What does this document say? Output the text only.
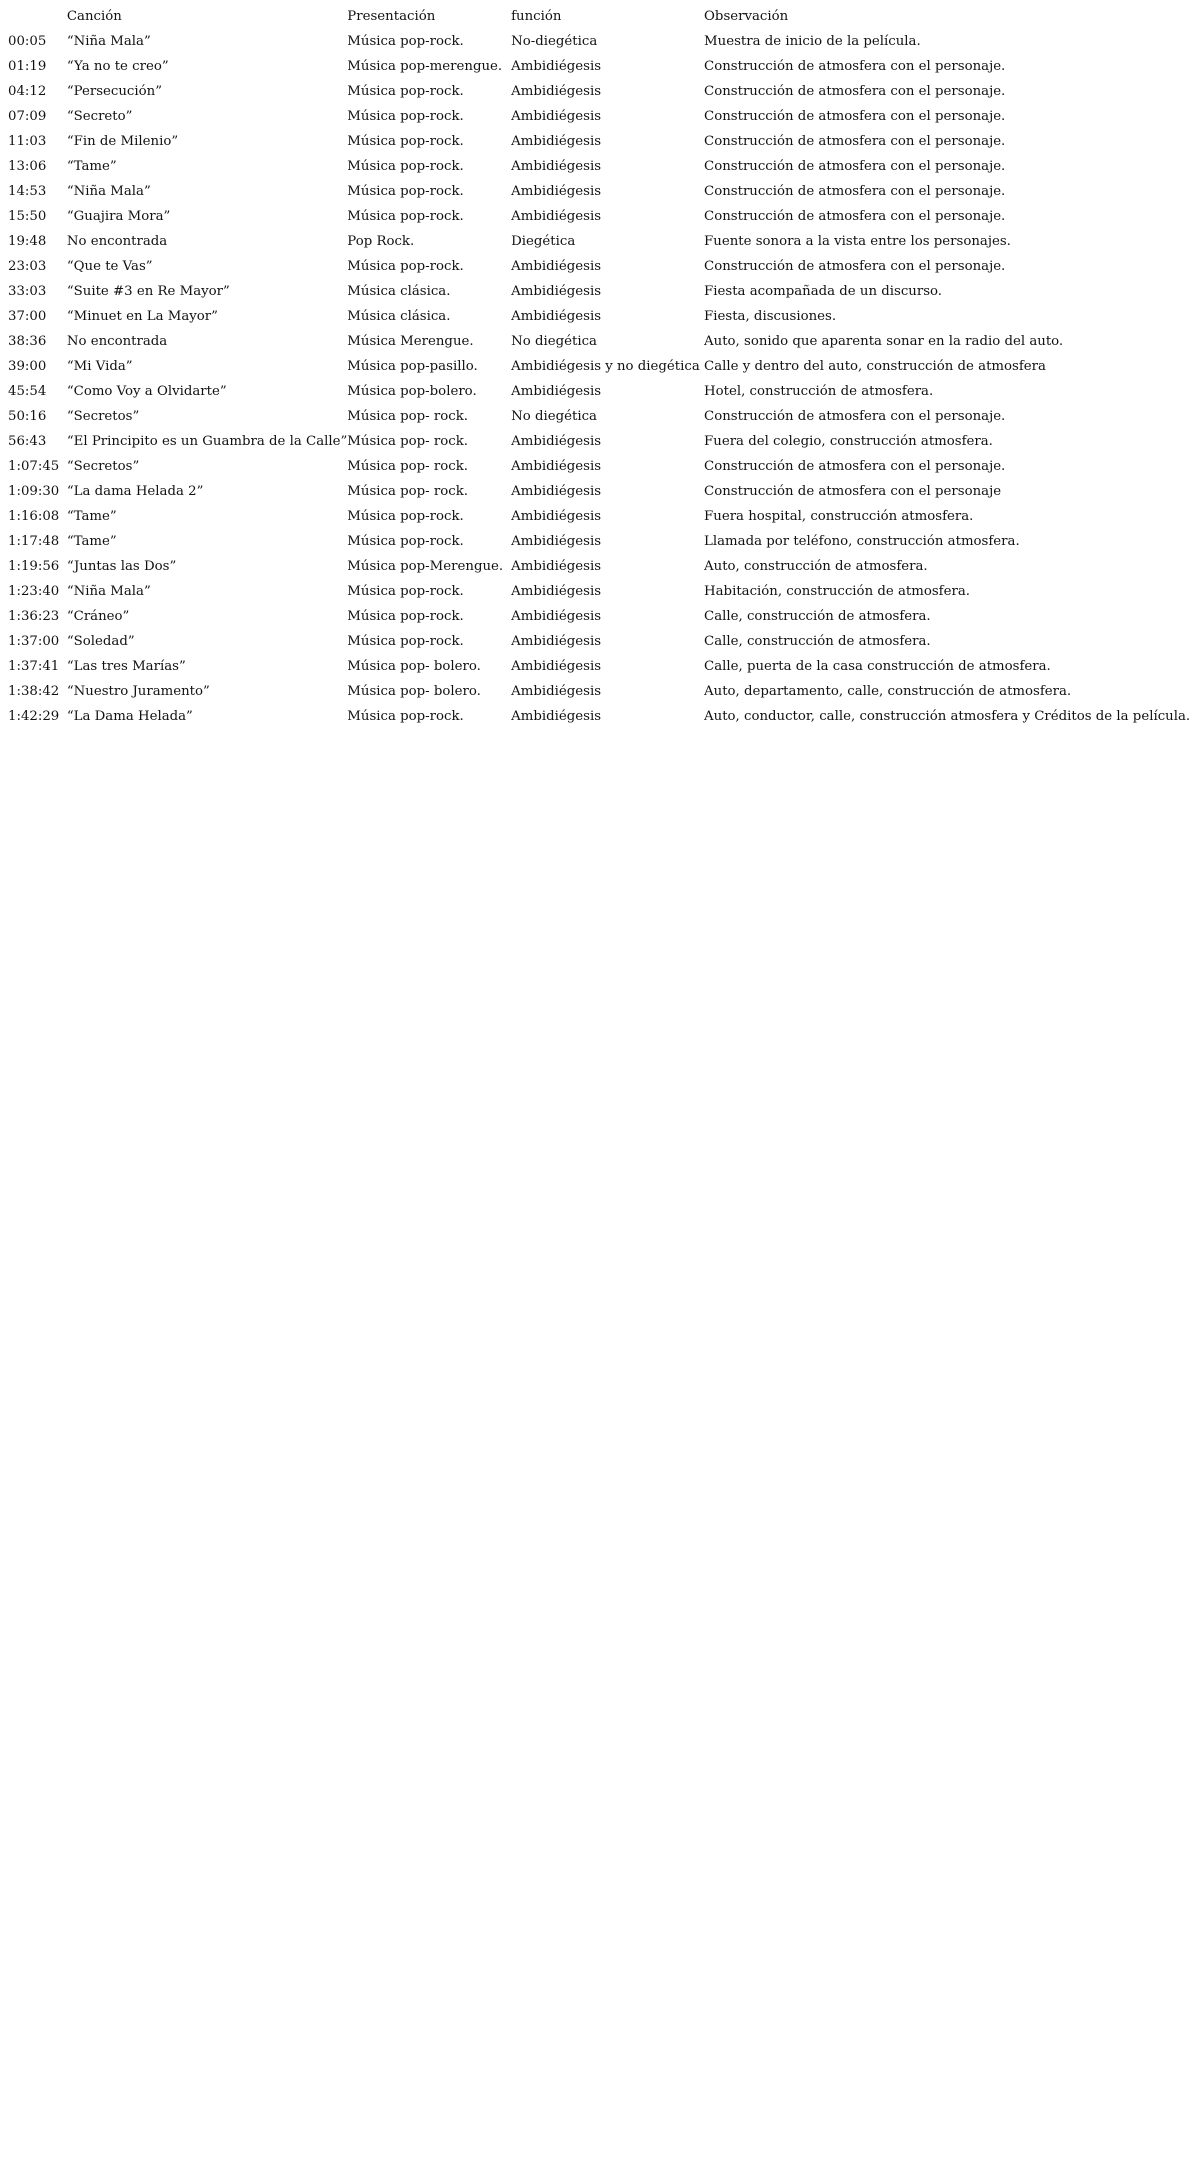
	Canción	Presentación	función	Observación
00:05	“Niña Mala”	Música pop-rock.	No-diegética	Muestra de inicio de la película.
01:19	“Ya no te creo”	Música pop-merengue.	Ambidiégesis	Construcción de atmosfera con el personaje.
04:12	“Persecución”	Música pop-rock.	Ambidiégesis	Construcción de atmosfera con el personaje.
07:09	“Secreto”	Música pop-rock.	Ambidiégesis	Construcción de atmosfera con el personaje.
11:03	“Fin de Milenio”	Música pop-rock.	Ambidiégesis	Construcción de atmosfera con el personaje.
13:06	“Tame”	Música pop-rock.	Ambidiégesis	Construcción de atmosfera con el personaje.
14:53	“Niña Mala”	Música pop-rock.	Ambidiégesis	Construcción de atmosfera con el personaje.
15:50	“Guajira Mora”	Música pop-rock.	Ambidiégesis	Construcción de atmosfera con el personaje.
19:48	No encontrada	Pop Rock.	Diegética	Fuente sonora a la vista entre los personajes.
23:03	“Que te Vas”	Música pop-rock.	Ambidiégesis	Construcción de atmosfera con el personaje.
33:03	“Suite #3 en Re Mayor”	Música clásica.	Ambidiégesis	Fiesta acompañada de un discurso.
37:00	“Minuet en La Mayor”	Música clásica.	Ambidiégesis	Fiesta, discusiones.
38:36	No encontrada	Música Merengue.	No diegética	Auto, sonido que aparenta sonar en la radio del auto.
39:00	“Mi Vida”	Música pop-pasillo.	Ambidiégesis y no diegética	Calle y dentro del auto, construcción de atmosfera
45:54	“Como Voy a Olvidarte”	Música pop-bolero.	Ambidiégesis	Hotel, construcción de atmosfera.
50:16	“Secretos”	Música pop- rock.	No diegética	Construcción de atmosfera con el personaje.
56:43	“El Principito es un Guambra de la Calle”	Música pop- rock.	Ambidiégesis	Fuera del colegio, construcción atmosfera.
1:07:45	“Secretos”	Música pop- rock.	Ambidiégesis	Construcción de atmosfera con el personaje.
1:09:30	“La dama Helada 2”	Música pop- rock.	Ambidiégesis	Construcción de atmosfera con el personaje
1:16:08	“Tame”	Música pop-rock.	Ambidiégesis	Fuera hospital, construcción atmosfera.
1:17:48	“Tame”	Música pop-rock.	Ambidiégesis	Llamada por teléfono, construcción atmosfera.
1:19:56	“Juntas las Dos”	Música pop-Merengue.	Ambidiégesis	Auto, construcción de atmosfera.
1:23:40	“Niña Mala”	Música pop-rock.	Ambidiégesis	Habitación, construcción de atmosfera.
1:36:23	“Cráneo”	Música pop-rock.	Ambidiégesis	Calle, construcción de atmosfera.
1:37:00	“Soledad”	Música pop-rock.	Ambidiégesis	Calle, construcción de atmosfera.
1:37:41	“Las tres Marías”	Música pop- bolero.	Ambidiégesis	Calle, puerta de la casa construcción de atmosfera.
1:38:42	“Nuestro Juramento”	Música pop- bolero.	Ambidiégesis	Auto, departamento, calle, construcción de atmosfera.
1:42:29	“La Dama Helada”	Música pop-rock.	Ambidiégesis	Auto, conductor, calle, construcción atmosfera y Créditos de la película.
